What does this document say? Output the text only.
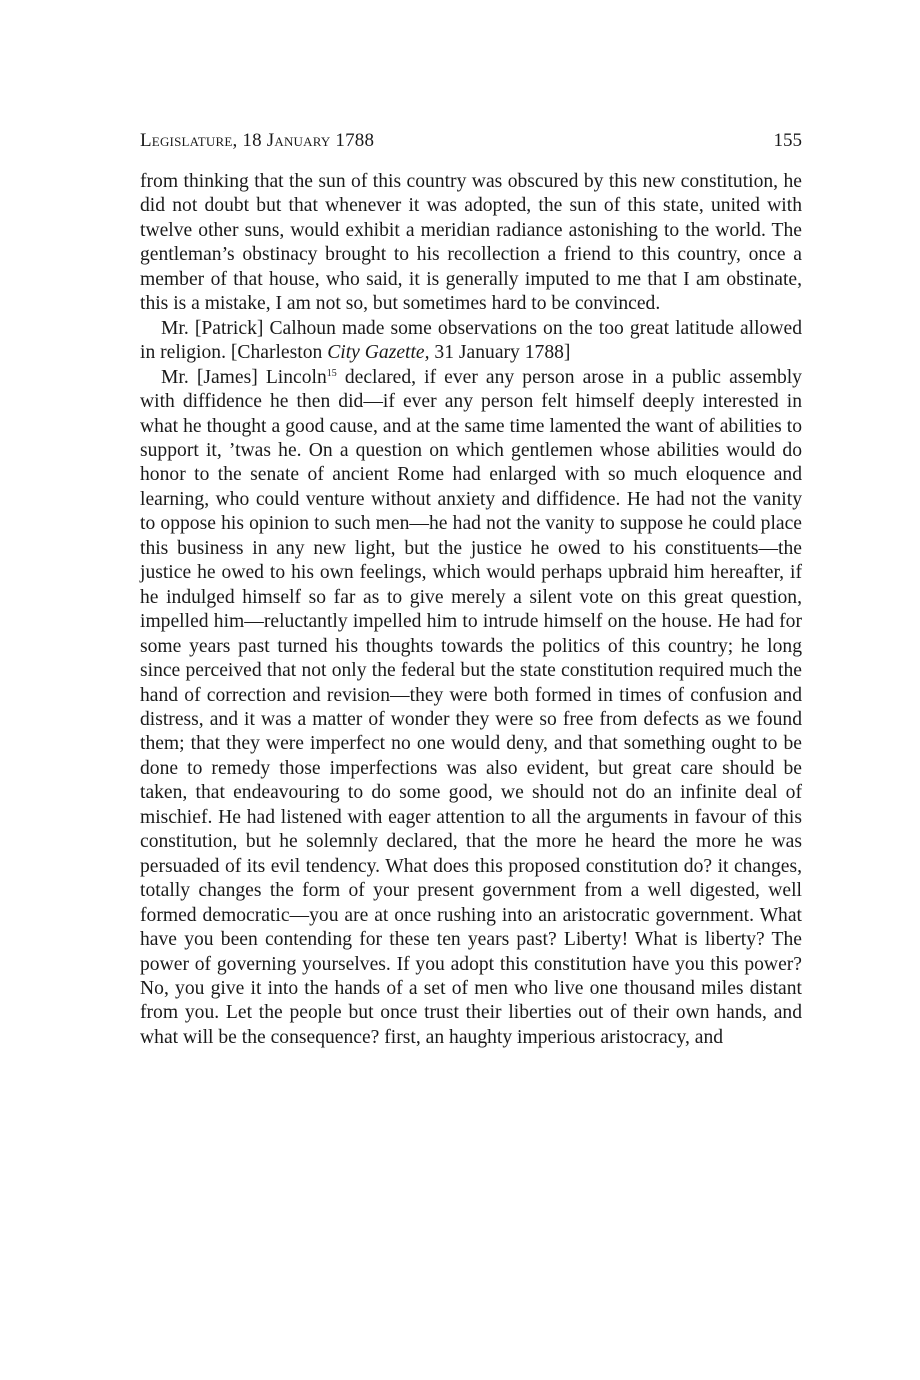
Legislature, 18 January 1788	155

from thinking that the sun of this country was obscured by this new constitution, he did not doubt but that whenever it was adopted, the sun of this state, united with twelve other suns, would exhibit a meridian radiance astonishing to the world. The gentleman’s obstinacy brought to his recollection a friend to this country, once a member of that house, who said, it is generally imputed to me that I am obstinate, this is a mistake, I am not so, but sometimes hard to be convinced.

Mr. [Patrick] Calhoun made some observations on the too great latitude allowed in religion. [Charleston City Gazette, 31 January 1788]

Mr. [James] Lincoln$^{15}$ declared, if ever any person arose in a public assembly with diffidence he then did—if ever any person felt himself deeply interested in what he thought a good cause, and at the same time lamented the want of abilities to support it, ’twas he. On a question on which gentlemen whose abilities would do honor to the senate of ancient Rome had enlarged with so much eloquence and learning, who could venture without anxiety and diffidence. He had not the vanity to oppose his opinion to such men—he had not the vanity to suppose he could place this business in any new light, but the justice he owed to his constituents—the justice he owed to his own feelings, which would perhaps upbraid him hereafter, if he indulged himself so far as to give merely a silent vote on this great question, impelled him—reluctantly impelled him to intrude himself on the house. He had for some years past turned his thoughts towards the politics of this country; he long since perceived that not only the federal but the state constitution required much the hand of correction and revision—they were both formed in times of confusion and distress, and it was a matter of wonder they were so free from defects as we found them; that they were imperfect no one would deny, and that something ought to be done to remedy those imperfections was also evident, but great care should be taken, that endeavouring to do some good, we should not do an infinite deal of mischief. He had listened with eager attention to all the arguments in favour of this constitution, but he solemnly declared, that the more he heard the more he was persuaded of its evil tendency. What does this proposed constitution do? it changes, totally changes the form of your present government from a well digested, well formed democratic—you are at once rushing into an aristocratic government. What have you been contending for these ten years past? Liberty! What is liberty? The power of governing yourselves. If you adopt this constitution have you this power? No, you give it into the hands of a set of men who live one thousand miles distant from you. Let the people but once trust their liberties out of their own hands, and what will be the consequence? first, an haughty imperious aristocracy, and
